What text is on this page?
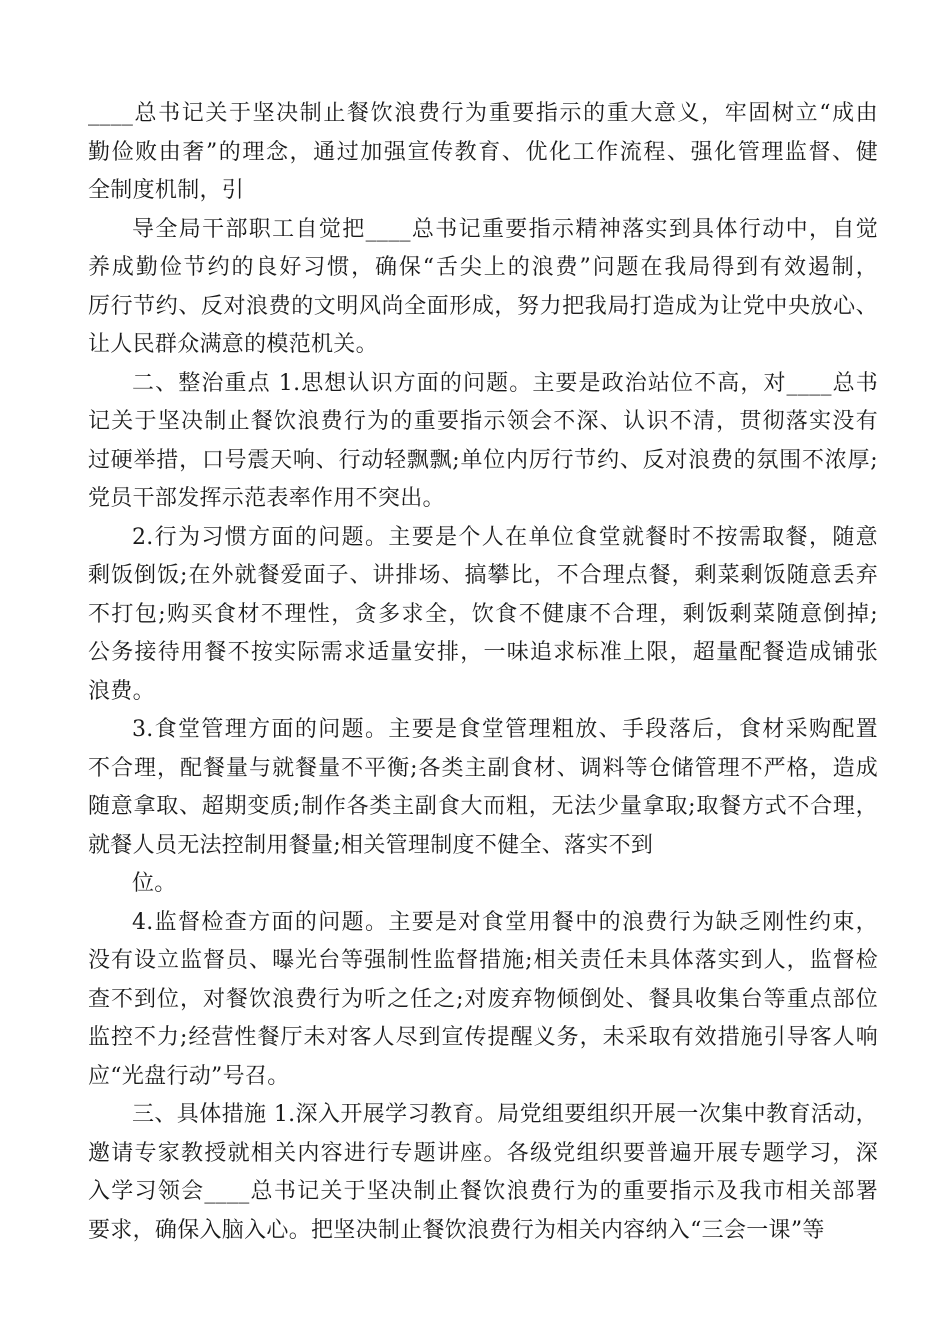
____总书记关于坚决制止餐饮浪费行为重要指示的重大意义，牢固树立“成由
勤俭败由奢”的理念，通过加强宣传教育、优化工作流程、强化管理监督、健
全制度机制，引
导全局干部职工自觉把____总书记重要指示精神落实到具体行动中，自觉
养成勤俭节约的良好习惯，确保“舌尖上的浪费”问题在我局得到有效遏制，
厉行节约、反对浪费的文明风尚全面形成，努力把我局打造成为让党中央放心、
让人民群众满意的模范机关。
二、整治重点 1.思想认识方面的问题。主要是政治站位不高，对____总书
记关于坚决制止餐饮浪费行为的重要指示领会不深、认识不清，贯彻落实没有
过硬举措，口号震天响、行动轻飘飘;单位内厉行节约、反对浪费的氛围不浓厚;
党员干部发挥示范表率作用不突出。
2.行为习惯方面的问题。主要是个人在单位食堂就餐时不按需取餐，随意
剩饭倒饭;在外就餐爱面子、讲排场、搞攀比，不合理点餐，剩菜剩饭随意丢弃
不打包;购买食材不理性，贪多求全，饮食不健康不合理，剩饭剩菜随意倒掉;
公务接待用餐不按实际需求适量安排，一味追求标准上限，超量配餐造成铺张
浪费。
3.食堂管理方面的问题。主要是食堂管理粗放、手段落后，食材采购配置
不合理，配餐量与就餐量不平衡;各类主副食材、调料等仓储管理不严格，造成
随意拿取、超期变质;制作各类主副食大而粗，无法少量拿取;取餐方式不合理，
就餐人员无法控制用餐量;相关管理制度不健全、落实不到
位。
4.监督检查方面的问题。主要是对食堂用餐中的浪费行为缺乏刚性约束，
没有设立监督员、曝光台等强制性监督措施;相关责任未具体落实到人，监督检
查不到位，对餐饮浪费行为听之任之;对废弃物倾倒处、餐具收集台等重点部位
监控不力;经营性餐厅未对客人尽到宣传提醒义务，未采取有效措施引导客人响
应“光盘行动”号召。
三、具体措施 1.深入开展学习教育。局党组要组织开展一次集中教育活动，
邀请专家教授就相关内容进行专题讲座。各级党组织要普遍开展专题学习，深
入学习领会____总书记关于坚决制止餐饮浪费行为的重要指示及我市相关部署
要求，确保入脑入心。把坚决制止餐饮浪费行为相关内容纳入“三会一课”等
